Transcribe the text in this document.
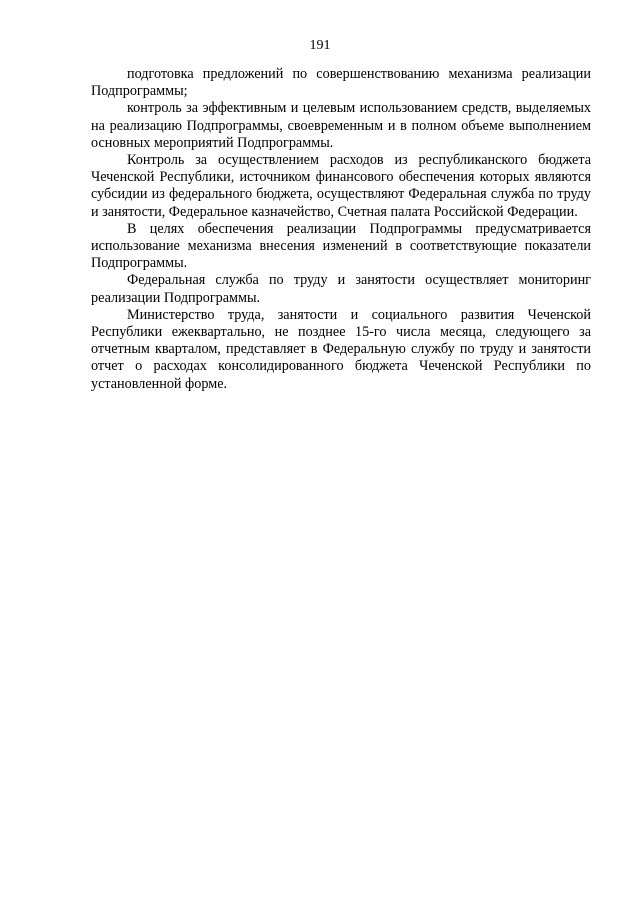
191

подготовка предложений по совершенствованию механизма реализации Подпрограммы;

контроль за эффективным и целевым использованием средств, выделяемых на реализацию Подпрограммы, своевременным и в полном объеме выполнением основных мероприятий Подпрограммы.

Контроль за осуществлением расходов из республиканского бюджета Чеченской Республики, источником финансового обеспечения которых являются субсидии из федерального бюджета, осуществляют Федеральная служба по труду и занятости, Федеральное казначейство, Счетная палата Российской Федерации.

В целях обеспечения реализации Подпрограммы предусматривается использование механизма внесения изменений в соответствующие показатели Подпрограммы.

Федеральная служба по труду и занятости осуществляет мониторинг реализации Подпрограммы.

Министерство труда, занятости и социального развития Чеченской Республики ежеквартально, не позднее 15-го числа месяца, следующего за отчетным кварталом, представляет в Федеральную службу по труду и занятости отчет о расходах консолидированного бюджета Чеченской Республики по установленной форме.
